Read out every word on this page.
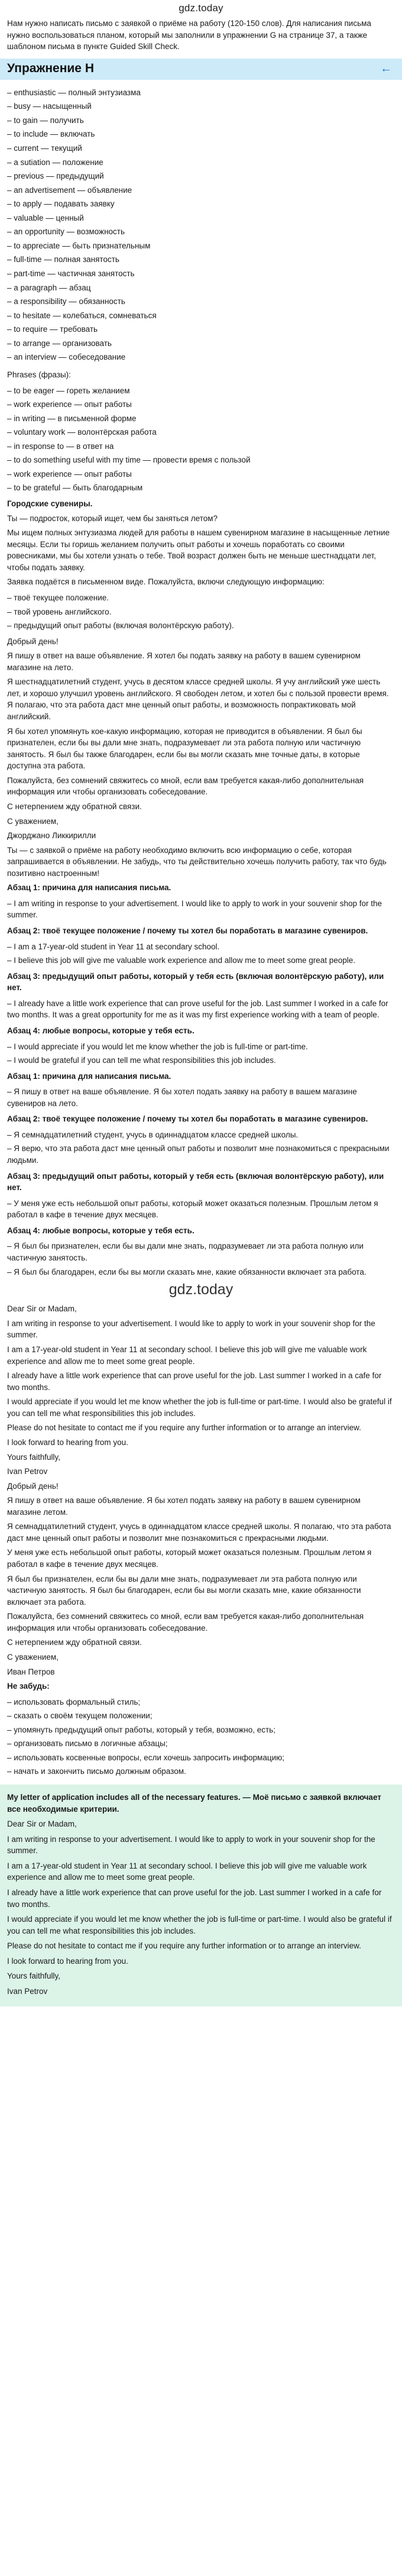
gdz.today
Нам нужно написать письмо с заявкой о приёме на работу (120-150 слов). Для написания письма нужно воспользоваться планом, который мы заполнили в упражнении G на странице 37, а также шаблоном письма в пункте Guided Skill Check.
Упражнение H	←
– enthusiastic — полный энтузиазма
– busy — насыщенный
– to gain — получить
– to include — включать
– current — текущий
– a sutiation — положение
– previous — предыдущий
– an advertisement — объявление
– to apply — подавать заявку
– valuable — ценный
– an opportunity — возможность
– to appreciate — быть признательным
– full-time — полная занятость
– part-time — частичная занятость
– a paragraph — абзац
– a responsibility — обязанность
– to hesitate — колебаться, сомневаться
– to require — требовать
– to arrange — организовать
– an interview — собеседование

Phrases (фразы):

– to be eager — гореть желанием
– work experience — опыт работы
– in writing — в письменной форме
– voluntary work — волонтёрская работа
– in response to — в ответ на
– to do something useful with my time — провести время с пользой
– work experience — опыт работы
– to be grateful — быть благодарным

Городские сувениры.

Ты — подросток, который ищет, чем бы заняться летом?

Мы ищем полных энтузиазма людей для работы в нашем сувенирном магазине в насыщенные летние месяцы. Если ты горишь желанием получить опыт работы и хочешь поработать со своими ровесниками, мы бы хотели узнать о тебе. Твой возраст должен быть не меньше шестнадцати лет, чтобы подать заявку.

Заявка подаётся в письменном виде. Пожалуйста, включи следующую информацию:

– твоё текущее положение.
– твой уровень английского.
– предыдущий опыт работы (включая волонтёрскую работу).

Добрый день!

Я пишу в ответ на ваше объявление. Я хотел бы подать заявку на работу в вашем сувенирном магазине на лето.

Я шестнадцатилетний студент, учусь в десятом классе средней школы. Я учу английский уже шесть лет, и хорошо улучшил уровень английского. Я свободен летом, и хотел бы с пользой провести время. Я полагаю, что эта работа даст мне ценный опыт работы, и возможность попрактиковать мой английский.

Я бы хотел упомянуть кое-какую информацию, которая не приводится в объявлении. Я был бы признателен, если бы вы дали мне знать, подразумевает ли эта работа полную или частичную занятость. Я был бы также благодарен, если бы вы могли сказать мне точные даты, в которые доступна эта работа.

Пожалуйста, без сомнений свяжитесь со мной, если вам требуется какая-либо дополнительная информация или чтобы организовать собеседование.

С нетерпением жду обратной связи.

С уважением,

Джорджано Ликкирилли

Ты — с заявкой о приёме на работу необходимо включить всю информацию о себе, которая запрашивается в объявлении. Не забудь, что ты действительно хочешь получить работу, так что будь позитивно настроенным!

Абзац 1: причина для написания письма.

– I am writing in response to your advertisement. I would like to apply to work in your souvenir shop for the summer.

Абзац 2: твоё текущее положение / почему ты хотел бы поработать в магазине сувениров.

– I am a 17-year-old student in Year 11 at secondary school.
– I believe this job will give me valuable work experience and allow me to meet some great people.

Абзац 3: предыдущий опыт работы, который у тебя есть (включая волонтёрскую работу), или нет.

– I already have a little work experience that can prove useful for the job. Last summer I worked in a cafe for two months. It was a great opportunity for me as it was my first experience working with a team of people.

Абзац 4: любые вопросы, которые у тебя есть.

– I would appreciate if you would let me know whether the job is full-time or part-time.
– I would be grateful if you can tell me what responsibilities this job includes.

Абзац 1: причина для написания письма.

– Я пишу в ответ на ваше объявление. Я бы хотел подать заявку на работу в вашем магазине сувениров на лето.

Абзац 2: твоё текущее положение / почему ты хотел бы поработать в магазине сувениров.

– Я семнадцатилетний студент, учусь в одиннадцатом классе средней школы.
– Я верю, что эта работа даст мне ценный опыт работы и позволит мне познакомиться с прекрасными людьми.

Абзац 3: предыдущий опыт работы, который у тебя есть (включая волонтёрскую работу), или нет.

– У меня уже есть небольшой опыт работы, который может оказаться полезным. Прошлым летом я работал в кафе в течение двух месяцев.

Абзац 4: любые вопросы, которые у тебя есть.

– Я был бы признателен, если бы вы дали мне знать, подразумевает ли эта работа полную или частичную занятость.
– Я был бы благодарен, если бы вы могли сказать мне, какие обязанности включает эта работа.
gdz.today

Dear Sir or Madam,

I am writing in response to your advertisement. I would like to apply to work in your souvenir shop for the summer.

I am a 17-year-old student in Year 11 at secondary school. I believe this job will give me valuable work experience and allow me to meet some great people.

I already have a little work experience that can prove useful for the job. Last summer I worked in a cafe for two months.

I would appreciate if you would let me know whether the job is full-time or part-time. I would also be grateful if you can tell me what responsibilities this job includes.

Please do not hesitate to contact me if you require any further information or to arrange an interview.

I look forward to hearing from you.

Yours faithfully,

Ivan Petrov

Добрый день!

Я пишу в ответ на ваше объявление. Я бы хотел подать заявку на работу в вашем сувенирном магазине летом.

Я семнадцатилетний студент, учусь в одиннадцатом классе средней школы. Я полагаю, что эта работа даст мне ценный опыт работы и позволит мне познакомиться с прекрасными людьми.

У меня уже есть небольшой опыт работы, который может оказаться полезным. Прошлым летом я работал в кафе в течение двух месяцев.

Я был бы признателен, если бы вы дали мне знать, подразумевает ли эта работа полную или частичную занятость. Я был бы благодарен, если бы вы могли сказать мне, какие обязанности включает эта работа.

Пожалуйста, без сомнений свяжитесь со мной, если вам требуется какая-либо дополнительная информация или чтобы организовать собеседование.

С нетерпением жду обратной связи.

С уважением,

Иван Петров

Не забудь:

– использовать формальный стиль;
– сказать о своём текущем положении;
– упомянуть предыдущий опыт работы, который у тебя, возможно, есть;
– организовать письмо в логичные абзацы;
– использовать косвенные вопросы, если хочешь запросить информацию;
– начать и закончить письмо должным образом.

My letter of application includes all of the necessary features. — Моё письмо с заявкой включает все необходимые критерии.

Dear Sir or Madam,

I am writing in response to your advertisement. I would like to apply to work in your souvenir shop for the summer.

I am a 17-year-old student in Year 11 at secondary school. I believe this job will give me valuable work experience and allow me to meet some great people.

I already have a little work experience that can prove useful for the job. Last summer I worked in a cafe for two months.

I would appreciate if you would let me know whether the job is full-time or part-time. I would also be grateful if you can tell me what responsibilities this job includes.

Please do not hesitate to contact me if you require any further information or to arrange an interview.

I look forward to hearing from you.

Yours faithfully,

Ivan Petrov
